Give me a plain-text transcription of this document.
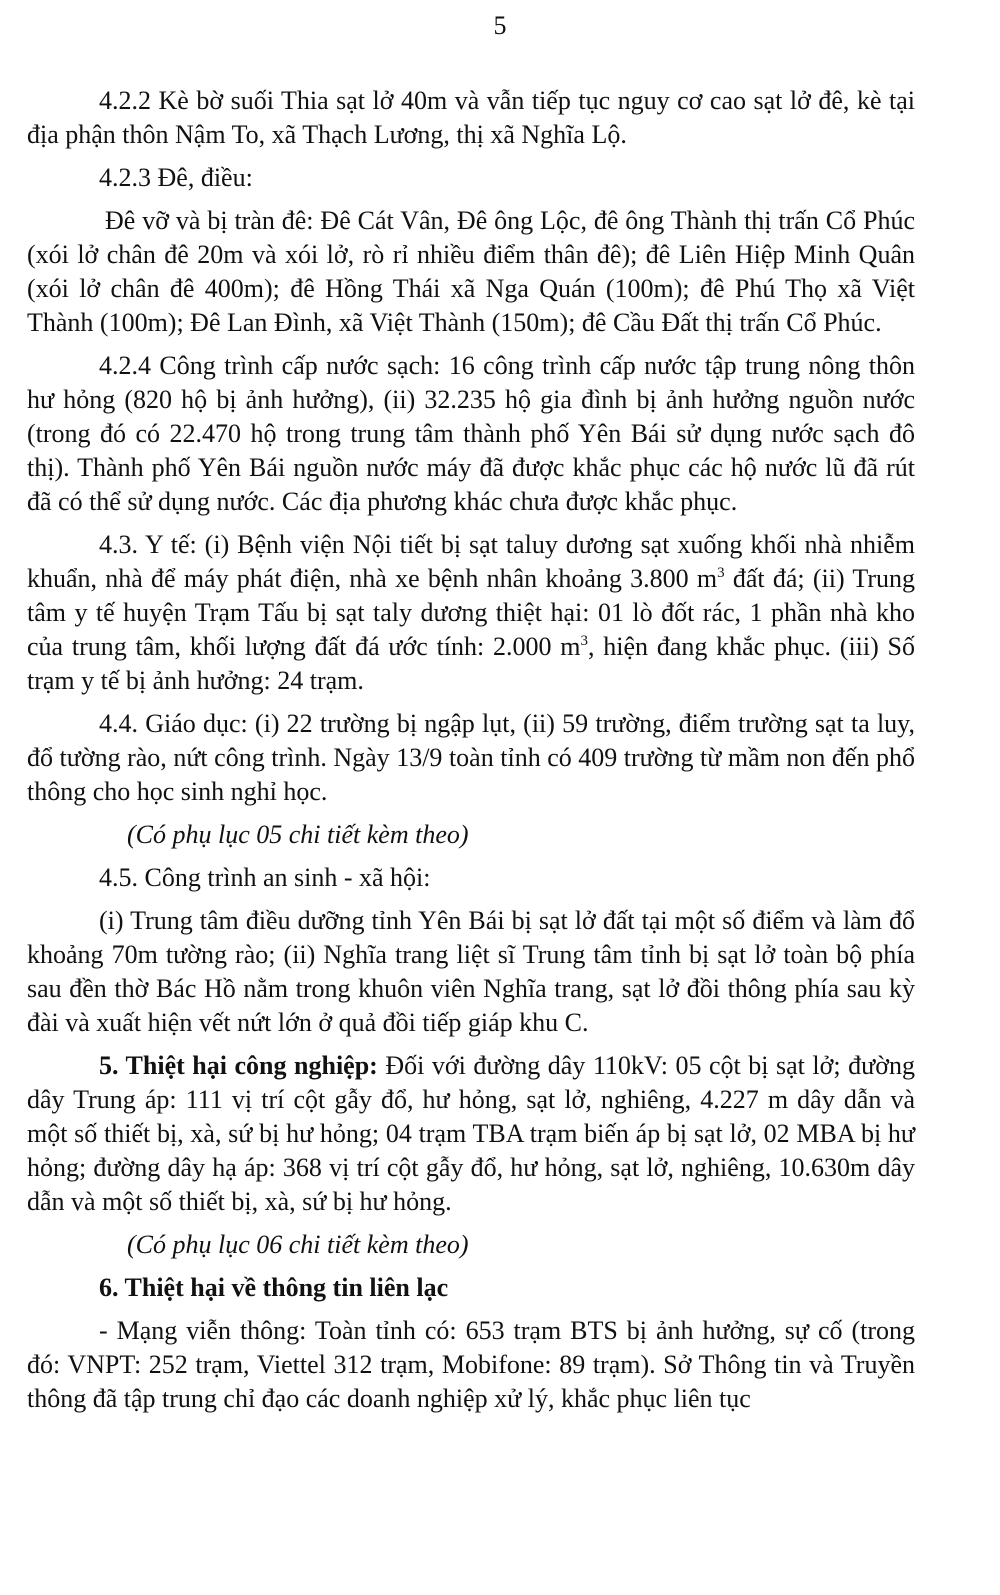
5

4.2.2 Kè bờ suối Thia sạt lở 40m và vẫn tiếp tục nguy cơ cao sạt lở đê, kè tại địa phận thôn Nậm To, xã Thạch Lương, thị xã Nghĩa Lộ.

4.2.3 Đê, điều:

Đê vỡ và bị tràn đê: Đê Cát Vân, Đê ông Lộc, đê ông Thành thị trấn Cổ Phúc (xói lở chân đê 20m và xói lở, rò rỉ nhiều điểm thân đê); đê Liên Hiệp Minh Quân (xói lở chân đê 400m); đê Hồng Thái xã Nga Quán (100m); đê Phú Thọ xã Việt Thành (100m); Đê Lan Đình, xã Việt Thành (150m); đê Cầu Đất thị trấn Cổ Phúc.

4.2.4 Công trình cấp nước sạch: 16 công trình cấp nước tập trung nông thôn hư hỏng (820 hộ bị ảnh hưởng), (ii) 32.235 hộ gia đình bị ảnh hưởng nguồn nước (trong đó có 22.470 hộ trong trung tâm thành phố Yên Bái sử dụng nước sạch đô thị). Thành phố Yên Bái nguồn nước máy đã được khắc phục các hộ nước lũ đã rút đã có thể sử dụng nước. Các địa phương khác chưa được khắc phục.

4.3. Y tế: (i) Bệnh viện Nội tiết bị sạt taluy dương sạt xuống khối nhà nhiễm khuẩn, nhà để máy phát điện, nhà xe bệnh nhân khoảng 3.800 $m^3$ đất đá; (ii) Trung tâm y tế huyện Trạm Tấu bị sạt taly dương thiệt hại: 01 lò đốt rác, 1 phần nhà kho của trung tâm, khối lượng đất đá ước tính: 2.000 $m^3$, hiện đang khắc phục. (iii) Số trạm y tế bị ảnh hưởng: 24 trạm.

4.4. Giáo dục: (i) 22 trường bị ngập lụt, (ii) 59 trường, điểm trường sạt ta luy, đổ tường rào, nứt công trình. Ngày 13/9 toàn tỉnh có 409 trường từ mầm non đến phổ thông cho học sinh nghỉ học.

(Có phụ lục 05 chi tiết kèm theo)

4.5. Công trình an sinh - xã hội:

(i) Trung tâm điều dưỡng tỉnh Yên Bái bị sạt lở đất tại một số điểm và làm đổ khoảng 70m tường rào; (ii) Nghĩa trang liệt sĩ Trung tâm tỉnh bị sạt lở toàn bộ phía sau đền thờ Bác Hồ nằm trong khuôn viên Nghĩa trang, sạt lở đồi thông phía sau kỳ đài và xuất hiện vết nứt lớn ở quả đồi tiếp giáp khu C.

5. Thiệt hại công nghiệp: Đối với đường dây 110kV: 05 cột bị sạt lở; đường dây Trung áp: 111 vị trí cột gẫy đổ, hư hỏng, sạt lở, nghiêng, 4.227 m dây dẫn và một số thiết bị, xà, sứ bị hư hỏng; 04 trạm TBA trạm biến áp bị sạt lở, 02 MBA bị hư hỏng; đường dây hạ áp: 368 vị trí cột gẫy đổ, hư hỏng, sạt lở, nghiêng, 10.630m dây dẫn và một số thiết bị, xà, sứ bị hư hỏng.

(Có phụ lục 06 chi tiết kèm theo)

6. Thiệt hại về thông tin liên lạc

- Mạng viễn thông: Toàn tỉnh có: 653 trạm BTS bị ảnh hưởng, sự cố (trong đó: VNPT: 252 trạm, Viettel 312 trạm, Mobifone: 89 trạm). Sở Thông tin và Truyền thông đã tập trung chỉ đạo các doanh nghiệp xử lý, khắc phục liên tục
